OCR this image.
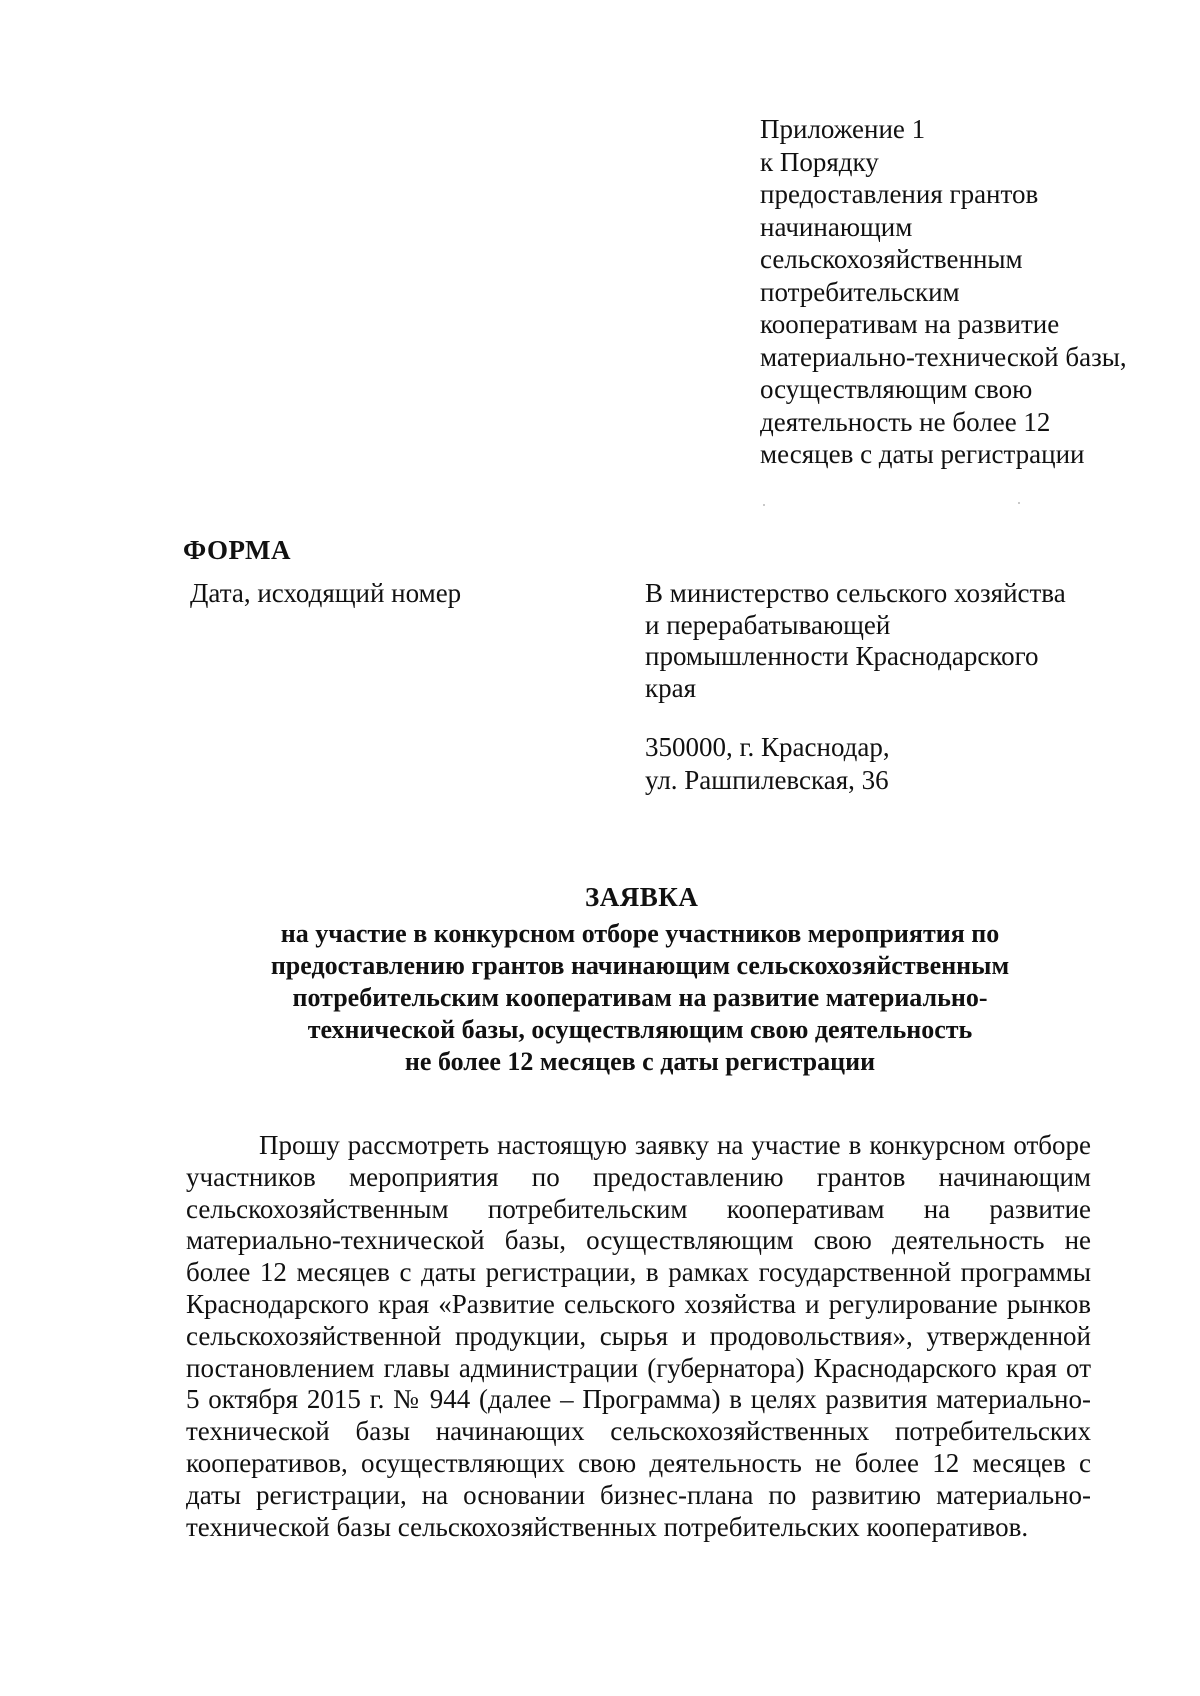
Приложение 1
к Порядку
предоставления грантов
начинающим
сельскохозяйственным
потребительским
кооперативам на развитие
материально-технической базы,
осуществляющим свою
деятельность не более 12
месяцев с даты регистрации
ФОРМА
Дата, исходящий номер	В министерство сельского хозяйства
и перерабатывающей
промышленности Краснодарского
края
350000, г. Краснодар,
ул. Рашпилевская, 36
ЗАЯВКА
на участие в конкурсном отборе участников мероприятия по
предоставлению грантов начинающим сельскохозяйственным
потребительским кооперативам на развитие материально-
технической базы, осуществляющим свою деятельность
не более 12 месяцев с даты регистрации
Прошу рассмотреть настоящую заявку на участие в конкурсном отборе
участников мероприятия по предоставлению грантов начинающим
сельскохозяйственным потребительским кооперативам на развитие
материально-технической базы, осуществляющим свою деятельность не
более 12 месяцев с даты регистрации, в рамках государственной программы
Краснодарского края «Развитие сельского хозяйства и регулирование рынков
сельскохозяйственной продукции, сырья и продовольствия», утвержденной
постановлением главы администрации (губернатора) Краснодарского края от
5 октября 2015 г. № 944 (далее – Программа) в целях развития материально-
технической базы начинающих сельскохозяйственных потребительских
кооперативов, осуществляющих свою деятельность не более 12 месяцев с
даты регистрации, на основании бизнес-плана по развитию материально-
технической базы сельскохозяйственных потребительских кооперативов.
